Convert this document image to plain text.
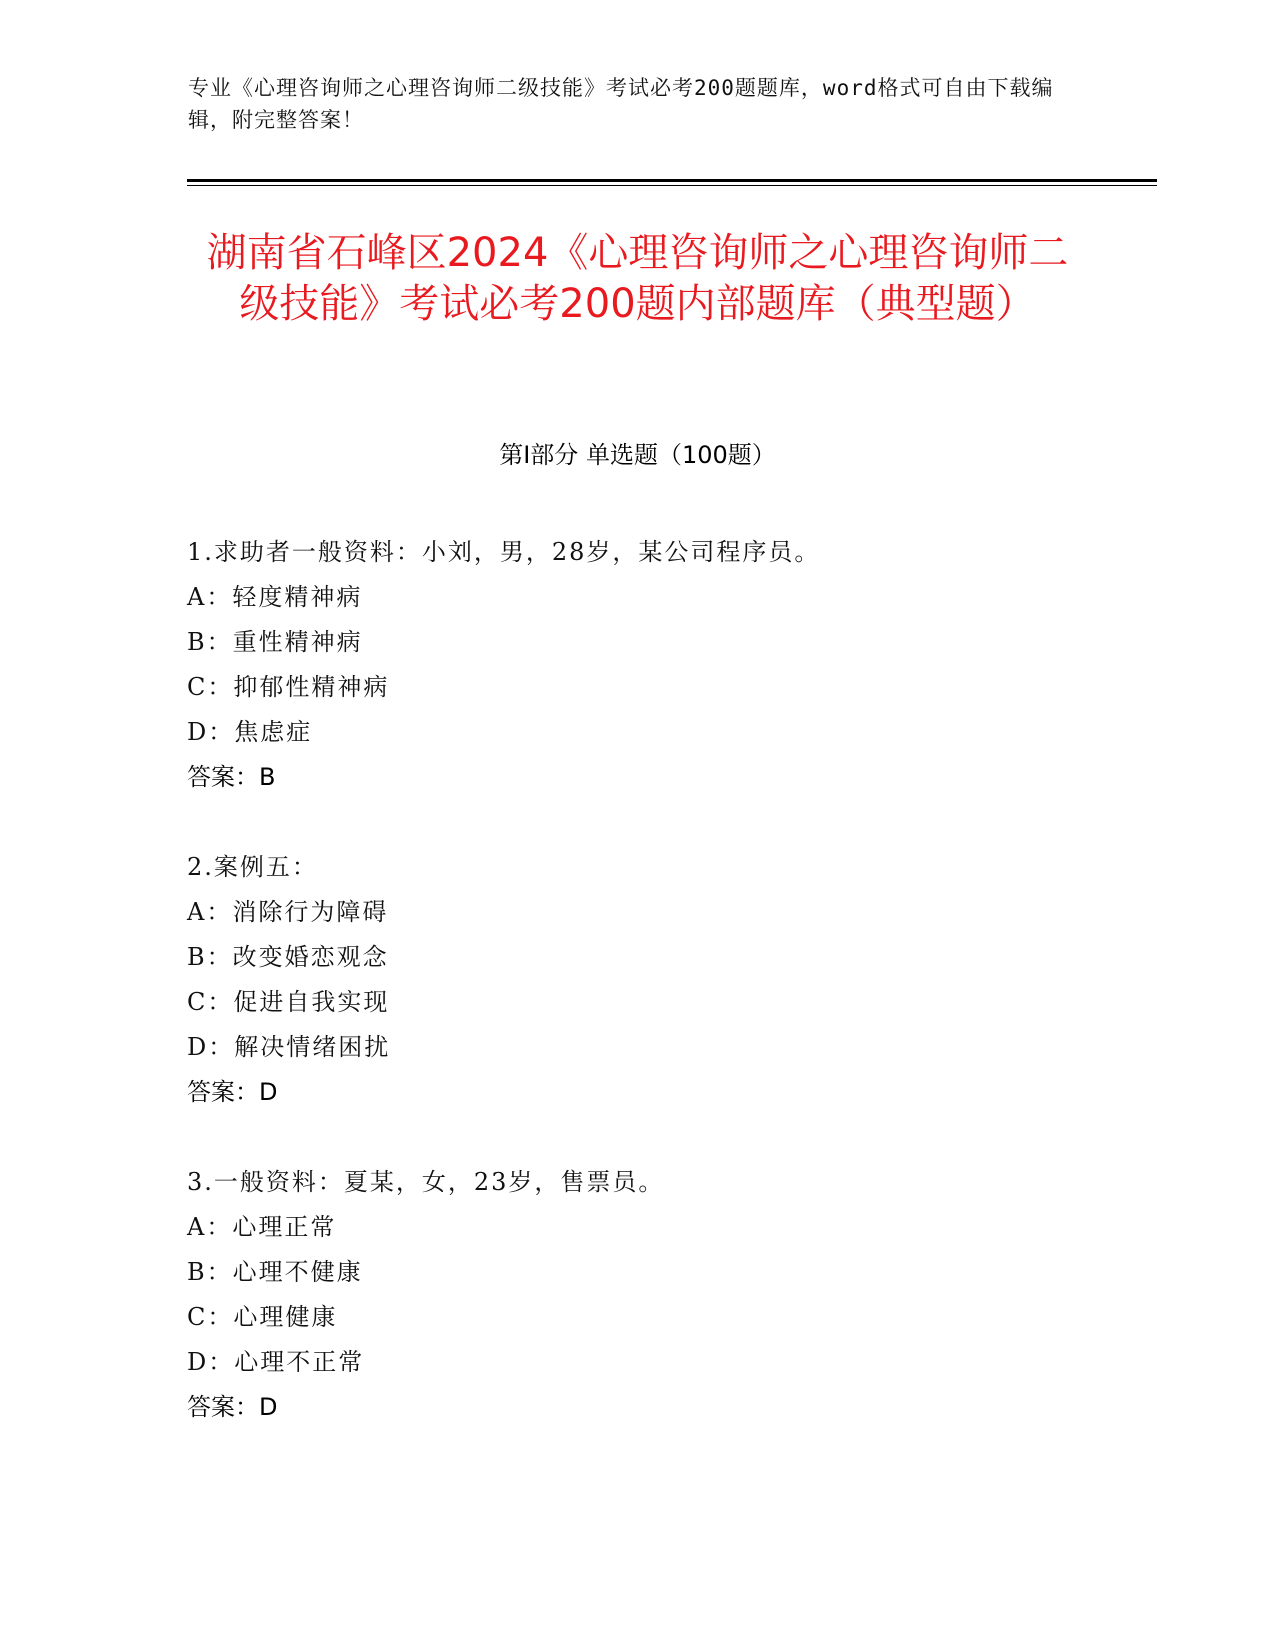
专业《心理咨询师之心理咨询师二级技能》考试必考200题题库，word格式可自由下载编辑，附完整答案！
湖南省石峰区2024《心理咨询师之心理咨询师二级技能》考试必考200题内部题库（典型题）
第I部分 单选题（100题）
1.求助者一般资料：小刘，男，28岁，某公司程序员。
A：轻度精神病
B：重性精神病
C：抑郁性精神病
D：焦虑症
答案：B
2.案例五：
A：消除行为障碍
B：改变婚恋观念
C：促进自我实现
D：解决情绪困扰
答案：D
3.一般资料：夏某，女，23岁，售票员。
A：心理正常
B：心理不健康
C：心理健康
D：心理不正常
答案：D
